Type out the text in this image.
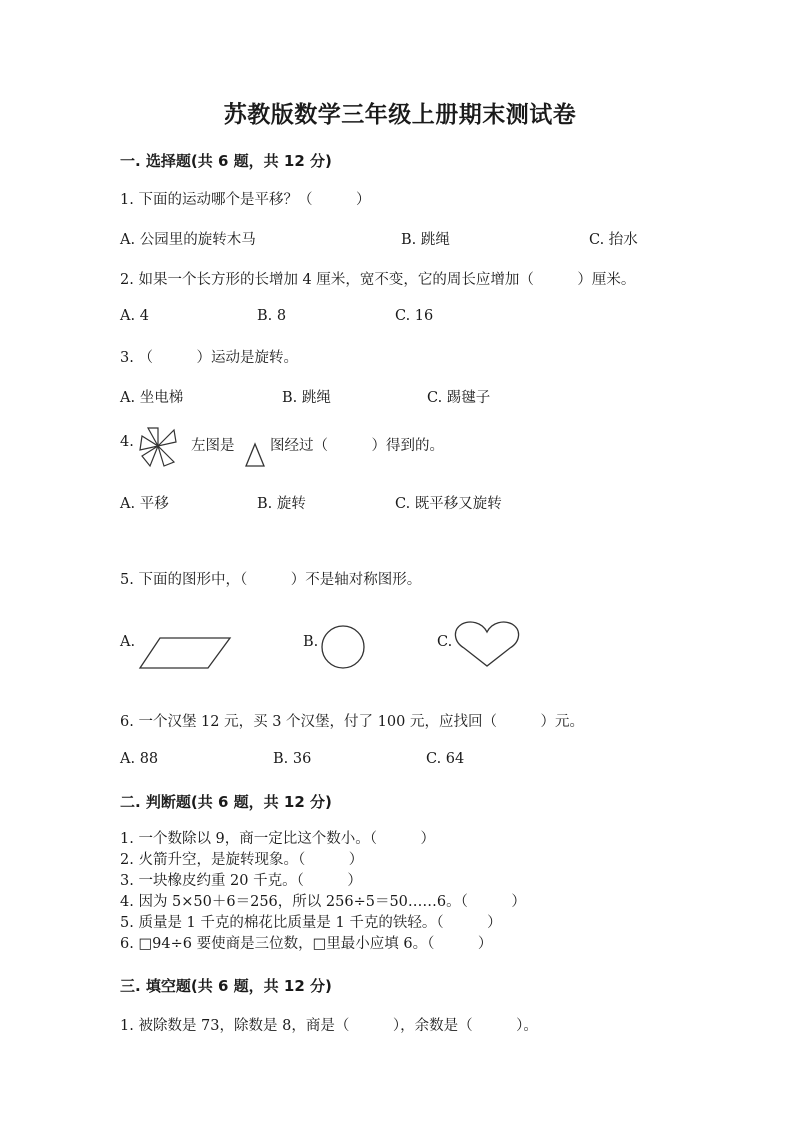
苏教版数学三年级上册期末测试卷
一. 选择题(共 6 题，共 12 分)
1. 下面的运动哪个是平移？（　　　）
A. 公园里的旋转木马	B. 跳绳	C. 抬水
2. 如果一个长方形的长增加 4 厘米，宽不变，它的周长应增加（　　　）厘米。
A. 4	B. 8	C. 16
3. （　　　）运动是旋转。
A. 坐电梯	B. 跳绳	C. 踢毽子
4.	左图是 图经过（　　　）得到的。
A. 平移	B. 旋转	C. 既平移又旋转
5. 下面的图形中，（　　　）不是轴对称图形。
A.	B.	C.
6. 一个汉堡 12 元，买 3 个汉堡，付了 100 元，应找回（　　　）元。
A. 88	B. 36	C. 64
二. 判断题(共 6 题，共 12 分)
1. 一个数除以 9，商一定比这个数小。（　　　）
2. 火箭升空，是旋转现象。（　　　）
3. 一块橡皮约重 20 千克。（　　　）
4. 因为 5×50＋6＝256，所以 256÷5＝50……6。（　　　）
5. 质量是 1 千克的棉花比质量是 1 千克的铁轻。（　　　）
6. □94÷6 要使商是三位数，□里最小应填 6。（　　　）
三. 填空题(共 6 题，共 12 分)
1. 被除数是 73，除数是 8，商是（　　　），余数是（　　　）。
